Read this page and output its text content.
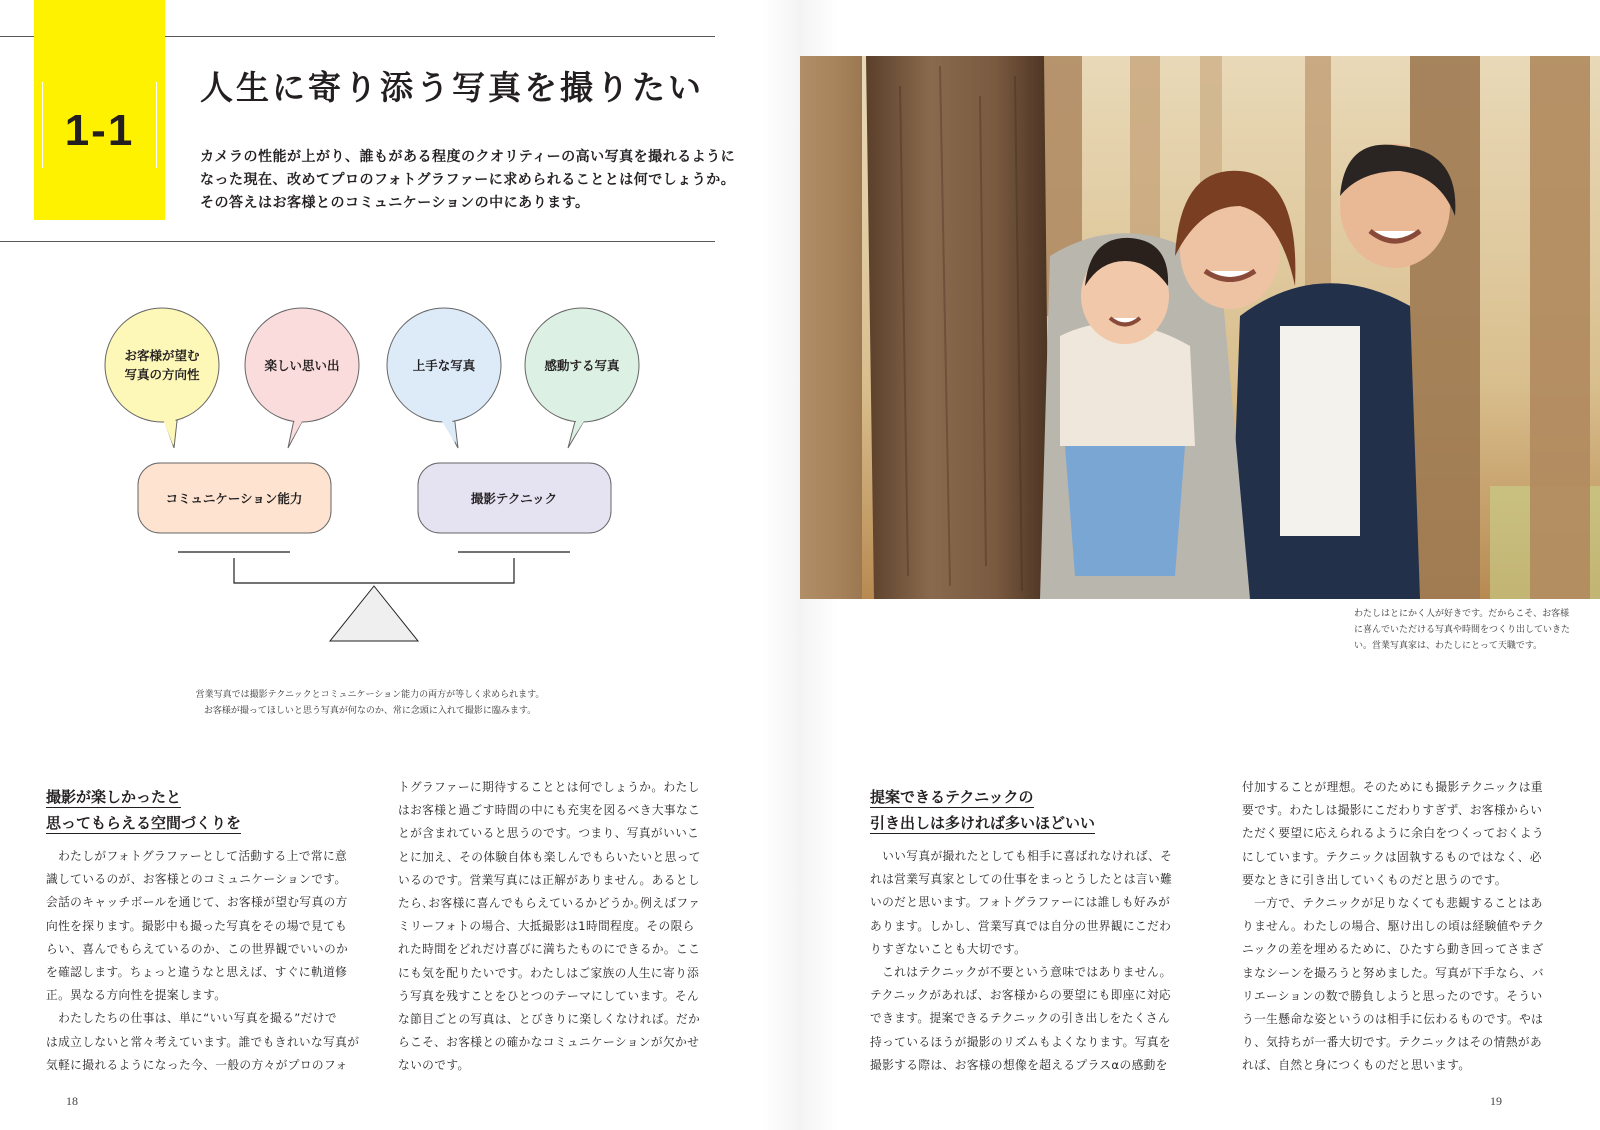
1-1
人生に寄り添う写真を撮りたい
カメラの性能が上がり、誰もがある程度のクオリティーの高い写真を撮れるように
なった現在、改めてプロのフォトグラファーに求められることとは何でしょうか。
その答えはお客様とのコミュニケーションの中にあります。
お客様が望む
写真の方向性
楽しい思い出	上手な写真	感動する写真
コミュニケーション能力	撮影テクニック
営業写真では撮影テクニックとコミュニケーション能力の両方が等しく求められます。
お客様が撮ってほしいと思う写真が何なのか、常に念頭に入れて撮影に臨みます。
撮影が楽しかったと
思ってもらえる空間づくりを
　わたしがフォトグラファーとして活動する上で常に意
識しているのが、お客様とのコミュニケーションです。
会話のキャッチボールを通じて、お客様が望む写真の方
向性を探ります。撮影中も撮った写真をその場で見ても
らい、喜んでもらえているのか、この世界観でいいのか
を確認します。ちょっと違うなと思えば、すぐに軌道修
正。異なる方向性を提案します。
　わたしたちの仕事は、単に“いい写真を撮る”だけで
は成立しないと常々考えています。誰でもきれいな写真が
気軽に撮れるようになった今、一般の方々がプロのフォ
トグラファーに期待することとは何でしょうか。わたし
はお客様と過ごす時間の中にも充実を図るべき大事なこ
とが含まれていると思うのです。つまり、写真がいいこ
とに加え、その体験自体も楽しんでもらいたいと思って
いるのです。営業写真には正解がありません。あるとし
たら､お客様に喜んでもらえているかどうか｡例えばファ
ミリーフォトの場合、大抵撮影は1時間程度。その限ら
れた時間をどれだけ喜びに満ちたものにできるか。ここ
にも気を配りたいです。わたしはご家族の人生に寄り添
う写真を残すことをひとつのテーマにしています。そん
な節目ごとの写真は、とびきりに楽しくなければ。だか
らこそ、お客様との確かなコミュニケーションが欠かせ
ないのです。
18
わたしはとにかく人が好きです。だからこそ、お客様
に喜んでいただける写真や時間をつくり出していきた
い。営業写真家は、わたしにとって天職です。
提案できるテクニックの
引き出しは多ければ多いほどいい
　いい写真が撮れたとしても相手に喜ばれなければ、そ
れは営業写真家としての仕事をまっとうしたとは言い難
いのだと思います。フォトグラファーには誰しも好みが
あります。しかし、営業写真では自分の世界観にこだわ
りすぎないことも大切です。
　これはテクニックが不要という意味ではありません。
テクニックがあれば、お客様からの要望にも即座に対応
できます。提案できるテクニックの引き出しをたくさん
持っているほうが撮影のリズムもよくなります。写真を
撮影する際は、お客様の想像を超えるプラスαの感動を
付加することが理想。そのためにも撮影テクニックは重
要です。わたしは撮影にこだわりすぎず、お客様からい
ただく要望に応えられるように余白をつくっておくよう
にしています。テクニックは固執するものではなく、必
要なときに引き出していくものだと思うのです。
　一方で、テクニックが足りなくても悲観することはあ
りません。わたしの場合、駆け出しの頃は経験値やテク
ニックの差を埋めるために、ひたすら動き回ってさまざ
まなシーンを撮ろうと努めました。写真が下手なら、バ
リエーションの数で勝負しようと思ったのです。そうい
う一生懸命な姿というのは相手に伝わるものです。やは
り、気持ちが一番大切です。テクニックはその情熱があ
れば、自然と身につくものだと思います。
19
